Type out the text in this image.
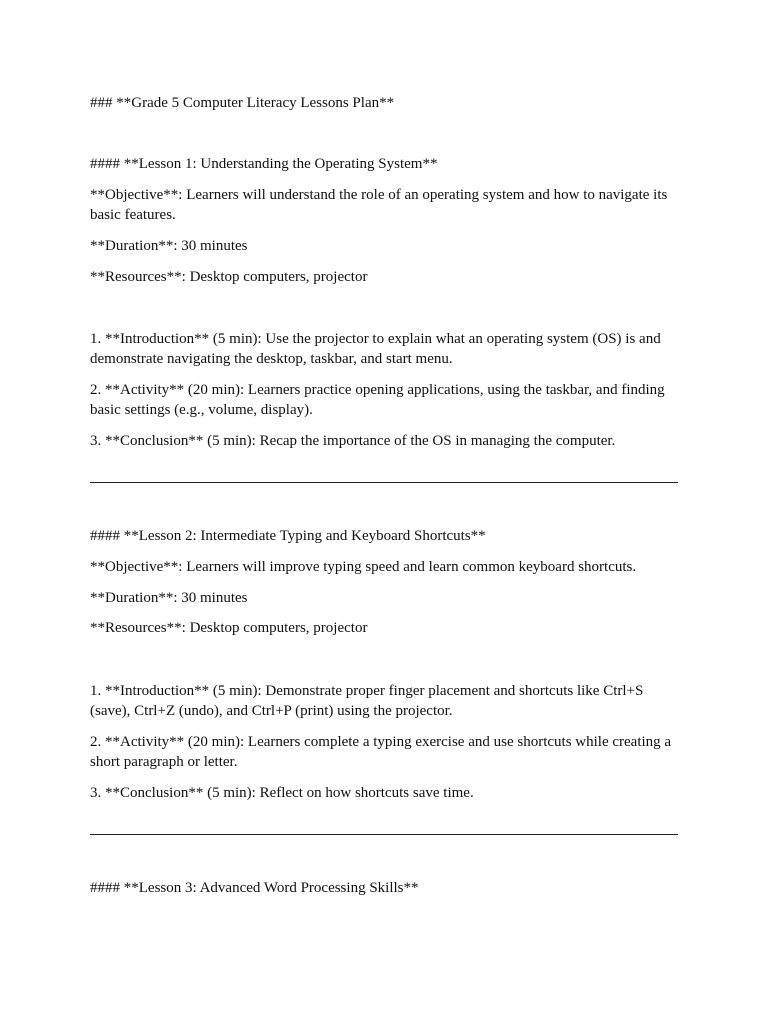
### **Grade 5 Computer Literacy Lessons Plan**

#### **Lesson 1: Understanding the Operating System**

**Objective**: Learners will understand the role of an operating system and how to navigate its basic features.

**Duration**: 30 minutes

**Resources**: Desktop computers, projector

1. **Introduction** (5 min): Use the projector to explain what an operating system (OS) is and demonstrate navigating the desktop, taskbar, and start menu.

2. **Activity** (20 min): Learners practice opening applications, using the taskbar, and finding basic settings (e.g., volume, display).

3. **Conclusion** (5 min): Recap the importance of the OS in managing the computer.

#### **Lesson 2: Intermediate Typing and Keyboard Shortcuts**

**Objective**: Learners will improve typing speed and learn common keyboard shortcuts.

**Duration**: 30 minutes

**Resources**: Desktop computers, projector

1. **Introduction** (5 min): Demonstrate proper finger placement and shortcuts like Ctrl+S (save), Ctrl+Z (undo), and Ctrl+P (print) using the projector.

2. **Activity** (20 min): Learners complete a typing exercise and use shortcuts while creating a short paragraph or letter.

3. **Conclusion** (5 min): Reflect on how shortcuts save time.

#### **Lesson 3: Advanced Word Processing Skills**
